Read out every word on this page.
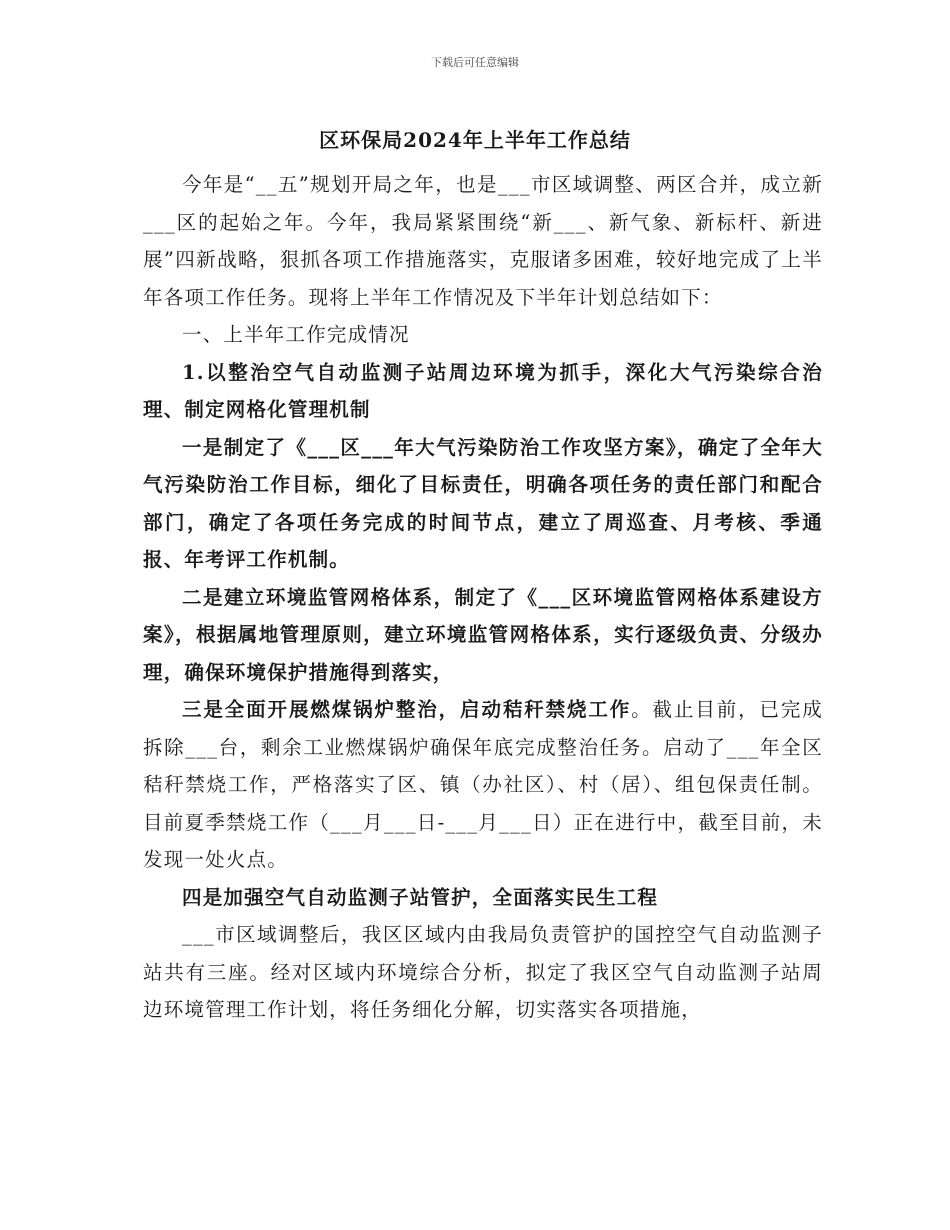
下载后可任意编辑
区环保局2024年上半年工作总结

今年是“__五”规划开局之年，也是___市区域调整、两区合并，成立新___区的起始之年。今年，我局紧紧围绕“新___、新气象、新标杆、新进展”四新战略，狠抓各项工作措施落实，克服诸多困难，较好地完成了上半年各项工作任务。现将上半年工作情况及下半年计划总结如下：

一、上半年工作完成情况

1.以整治空气自动监测子站周边环境为抓手，深化大气污染综合治理、制定网格化管理机制

一是制定了《___区___年大气污染防治工作攻坚方案》，确定了全年大气污染防治工作目标，细化了目标责任，明确各项任务的责任部门和配合部门，确定了各项任务完成的时间节点，建立了周巡查、月考核、季通报、年考评工作机制。

二是建立环境监管网格体系，制定了《___区环境监管网格体系建设方案》，根据属地管理原则，建立环境监管网格体系，实行逐级负责、分级办理，确保环境保护措施得到落实，

三是全面开展燃煤锅炉整治，启动秸秆禁烧工作。截止目前，已完成拆除___台，剩余工业燃煤锅炉确保年底完成整治任务。启动了___年全区秸秆禁烧工作，严格落实了区、镇（办社区）、村（居）、组包保责任制。目前夏季禁烧工作（___月___日-___月___日）正在进行中，截至目前，未发现一处火点。

四是加强空气自动监测子站管护，全面落实民生工程

___市区域调整后，我区区域内由我局负责管护的国控空气自动监测子站共有三座。经对区域内环境综合分析，拟定了我区空气自动监测子站周边环境管理工作计划，将任务细化分解，切实落实各项措施，
